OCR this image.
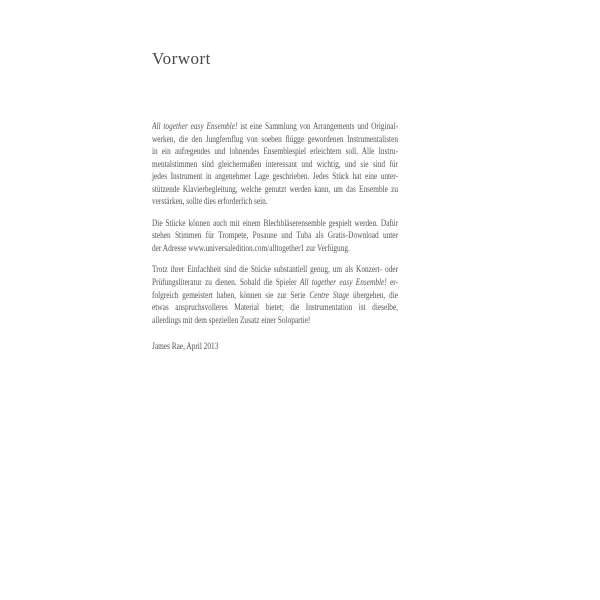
Vorwort
All together easy Ensemble! ist eine Sammlung von Arrangements und Original-
werken, die den Jungfernflug von soeben flügge gewordenen Instrumentalisten
in ein aufregendes und lohnendes Ensemblespiel erleichtern soll. Alle Instru-
mentalstimmen sind gleichermaßen interessant und wichtig, und sie sind für
jedes Instrument in angenehmer Lage geschrieben. Jedes Stück hat eine unter-
stützende Klavierbegleitung, welche genutzt werden kann, um das Ensemble zu
verstärken, sollte dies erforderlich sein.
Die Stücke können auch mit einem Blechbläserensemble gespielt werden. Dafür
stehen Stimmen für Trompete, Posaune und Tuba als Gratis-Download unter
der Adresse www.universaledition.com/alltogether1 zur Verfügung.
Trotz ihrer Einfachheit sind die Stücke substantiell genug, um als Konzert- oder
Prüfungsliteratur zu dienen. Sobald die Spieler All together easy Ensemble! er-
folgreich gemeistert haben, können sie zur Serie Centre Stage übergehen, die
etwas anspruchsvolleres Material bietet; die Instrumentation ist dieselbe,
allerdings mit dem speziellen Zusatz einer Solopartie!
James Rae, April 2013
